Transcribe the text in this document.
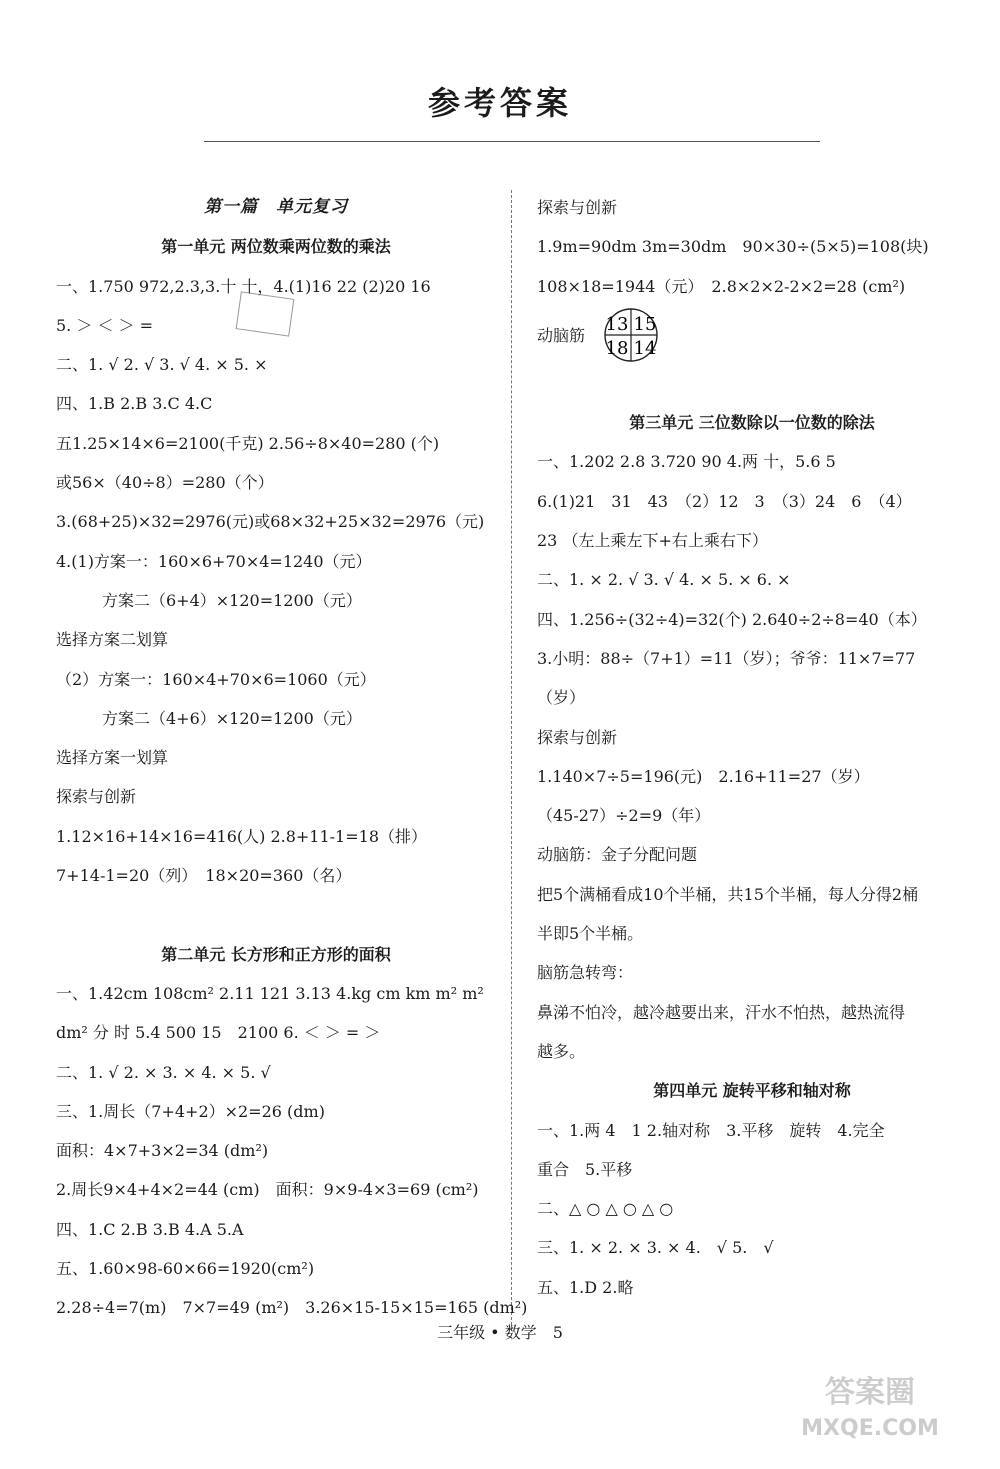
参考答案
第一篇　单元复习
第一单元 两位数乘两位数的乘法
一、1.750 972,2.3,3.十 十，4.(1)16 22 (2)20 16
5. ＞ ＜ ＞ =
二、1. √ 2. √ 3. √ 4. × 5. ×
四、1.B 2.B 3.C 4.C
五1.25×14×6=2100(千克) 2.56÷8×40=280 (个)
或56×（40÷8）=280（个）
3.(68+25)×32=2976(元)或68×32+25×32=2976（元)
4.(1)方案一：160×6+70×4=1240（元）
方案二（6+4）×120=1200（元）
选择方案二划算
（2）方案一：160×4+70×6=1060（元）
方案二（4+6）×120=1200（元）
选择方案一划算
探索与创新
1.12×16+14×16=416(人) 2.8+11-1=18（排）
7+14-1=20（列）　18×20=360（名）
第二单元 长方形和正方形的面积
一、1.42cm 108cm² 2.11 121 3.13 4.kg cm km m² m²
dm² 分 时 5.4 500 15　2100 6. ＜ ＞ = ＞
二、1. √ 2. × 3. × 4. × 5. √
三、1.周长（7+4+2）×2=26 (dm)
面积：4×7+3×2=34 (dm²)
2.周长9×4+4×2=44 (cm)　面积：9×9-4×3=69 (cm²)
四、1.C 2.B 3.B 4.A 5.A
五、1.60×98-60×66=1920(cm²)
2.28÷4=7(m)　7×7=49 (m²)　3.26×15-15×15=165 (dm²)
探索与创新
1.9m=90dm 3m=30dm　90×30÷(5×5)=108(块)
108×18=1944（元）　2.8×2×2-2×2=28 (cm²)
动脑筋
13 15
18 14
第三单元 三位数除以一位数的除法
一、1.202 2.8 3.720 90 4.两 十，5.6 5
6.(1)21　31　43　（2）12　3　（3）24　6　（4）
23 （左上乘左下+右上乘右下）
二、1. × 2. √ 3. √ 4. × 5. × 6. ×
四、1.256÷(32÷4)=32(个) 2.640÷2÷8=40（本）
3.小明：88÷（7+1）=11（岁）；爷爷：11×7=77
（岁）
探索与创新
1.140×7÷5=196(元)　2.16+11=27（岁）
（45-27）÷2=9（年）
动脑筋：金子分配问题
把5个满桶看成10个半桶，共15个半桶，每人分得2桶
半即5个半桶。
脑筋急转弯：
鼻涕不怕冷，越冷越要出来，汗水不怕热，越热流得
越多。
第四单元 旋转平移和轴对称
一、1.两 4　1 2.轴对称　3.平移　旋转　4.完全
重合　5.平移
二、△ ○ △ ○ △ ○
三、1. × 2. × 3. × 4.　√ 5.　√
五、1.D 2.略
三年级 • 数学　5
答案圈
MXQE.COM
